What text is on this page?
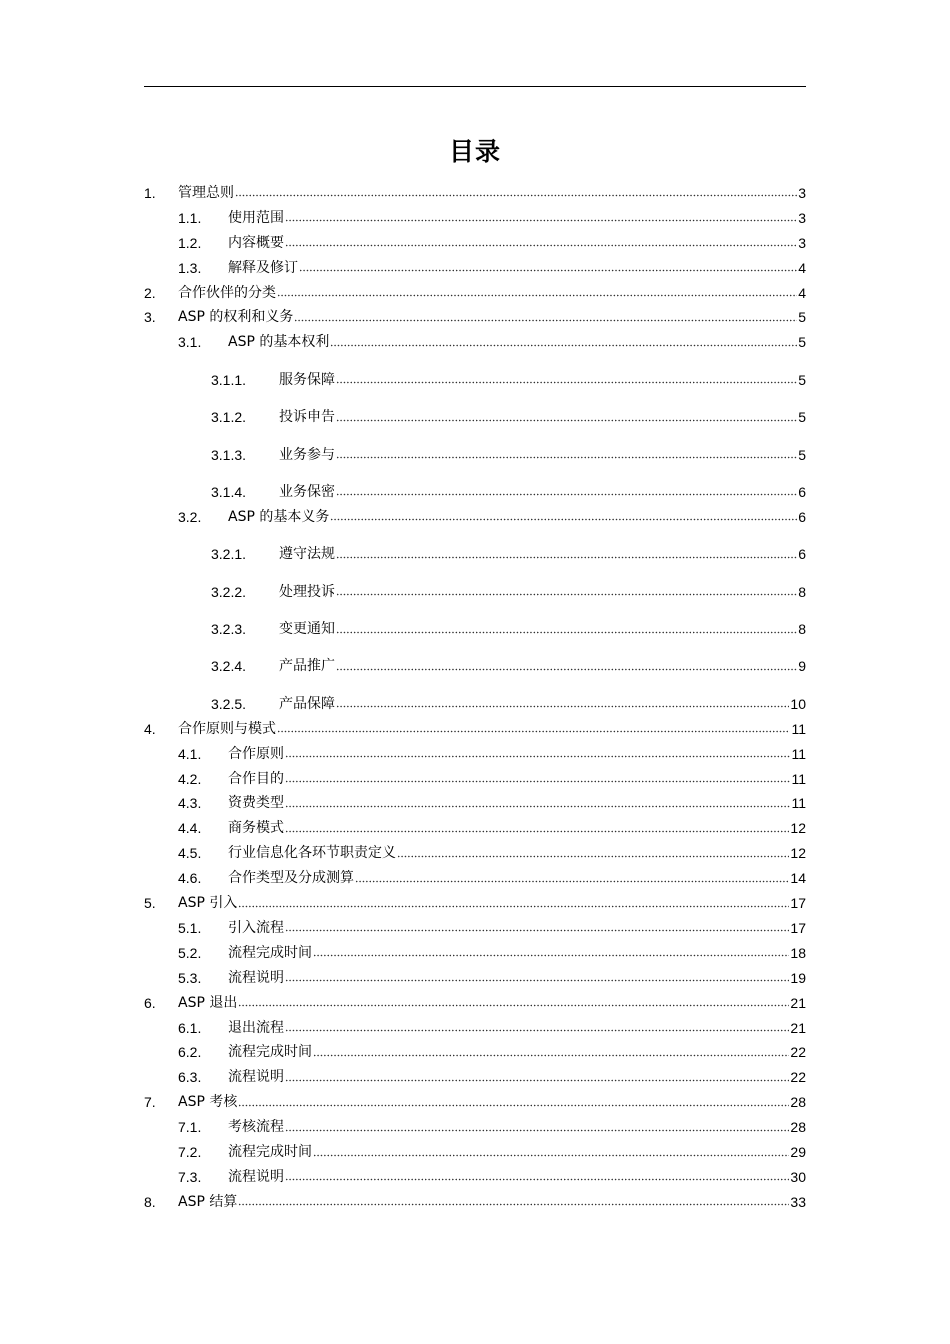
目录
1.	管理总则	3
1.1.	使用范围	3
1.2.	内容概要	3
1.3.	解释及修订	4
2.	合作伙伴的分类	4
3.	ASP 的权利和义务	5
3.1.	ASP 的基本权利	5
3.1.1.	服务保障	5
3.1.2.	投诉申告	5
3.1.3.	业务参与	5
3.1.4.	业务保密	6
3.2.	ASP 的基本义务	6
3.2.1.	遵守法规	6
3.2.2.	处理投诉	8
3.2.3.	变更通知	8
3.2.4.	产品推广	9
3.2.5.	产品保障	10
4.	合作原则与模式	11
4.1.	合作原则	11
4.2.	合作目的	11
4.3.	资费类型	11
4.4.	商务模式	12
4.5.	行业信息化各环节职责定义	12
4.6.	合作类型及分成测算	14
5.	ASP 引入	17
5.1.	引入流程	17
5.2.	流程完成时间	18
5.3.	流程说明	19
6.	ASP 退出	21
6.1.	退出流程	21
6.2.	流程完成时间	22
6.3.	流程说明	22
7.	ASP 考核	28
7.1.	考核流程	28
7.2.	流程完成时间	29
7.3.	流程说明	30
8.	ASP 结算	33
